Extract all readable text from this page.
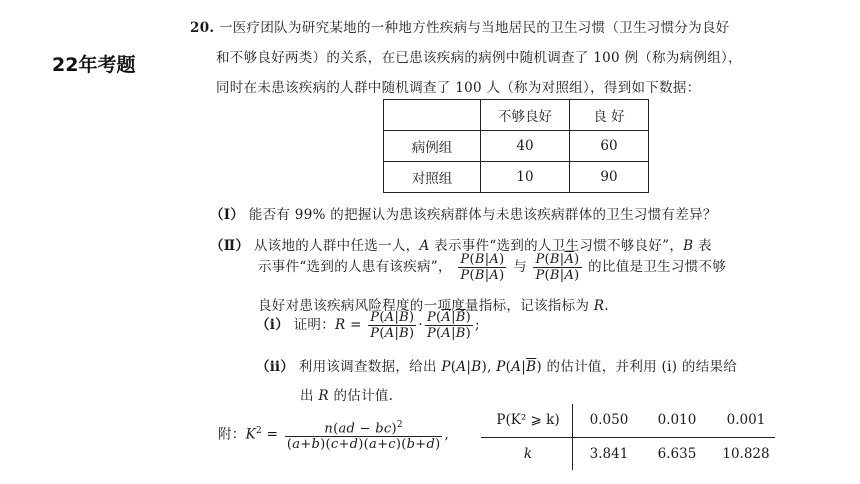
22年考题
20. 一医疗团队为研究某地的一种地方性疾病与当地居民的卫生习惯（卫生习惯分为良好
和不够良好两类）的关系，在已患该疾病的病例中随机调查了 100 例（称为病例组），
同时在未患该疾病的人群中随机调查了 100 人（称为对照组），得到如下数据：
	不够良好	良 好
病例组	40	60
对照组	10	90
（Ⅰ） 能否有 99% 的把握认为患该疾病群体与未患该疾病群体的卫生习惯有差异？
（Ⅱ） 从该地的人群中任选一人，A 表示事件“选到的人卫生习惯不够良好”，B 表
示事件“选到的人患有该疾病”， $\frac{P(B|A)}{P(\overline{B}|A)}$ 与 $\frac{P(B|\overline{A})}{P(\overline{B}|\overline{A})}$ 的比值是卫生习惯不够
良好对患该疾病风险程度的一项度量指标，记该指标为 R.
（ⅰ） 证明：$R = \frac{P(A|B)}{P(\overline{A}|B)} \cdot \frac{P(\overline{A}|\overline{B})}{P(A|\overline{B})}$ ;
（ⅱ） 利用该调查数据，给出 P(A|B), $P(A|\overline{B})$ 的估计值，并利用 (i) 的结果给
出 R 的估计值.
附：$K^2 = \frac{n(ad - bc)^2}{(a+b)(c+d)(a+c)(b+d)}$ ,
P(K² ⩾ k)	0.050	0.010	0.001
k	3.841	6.635	10.828
